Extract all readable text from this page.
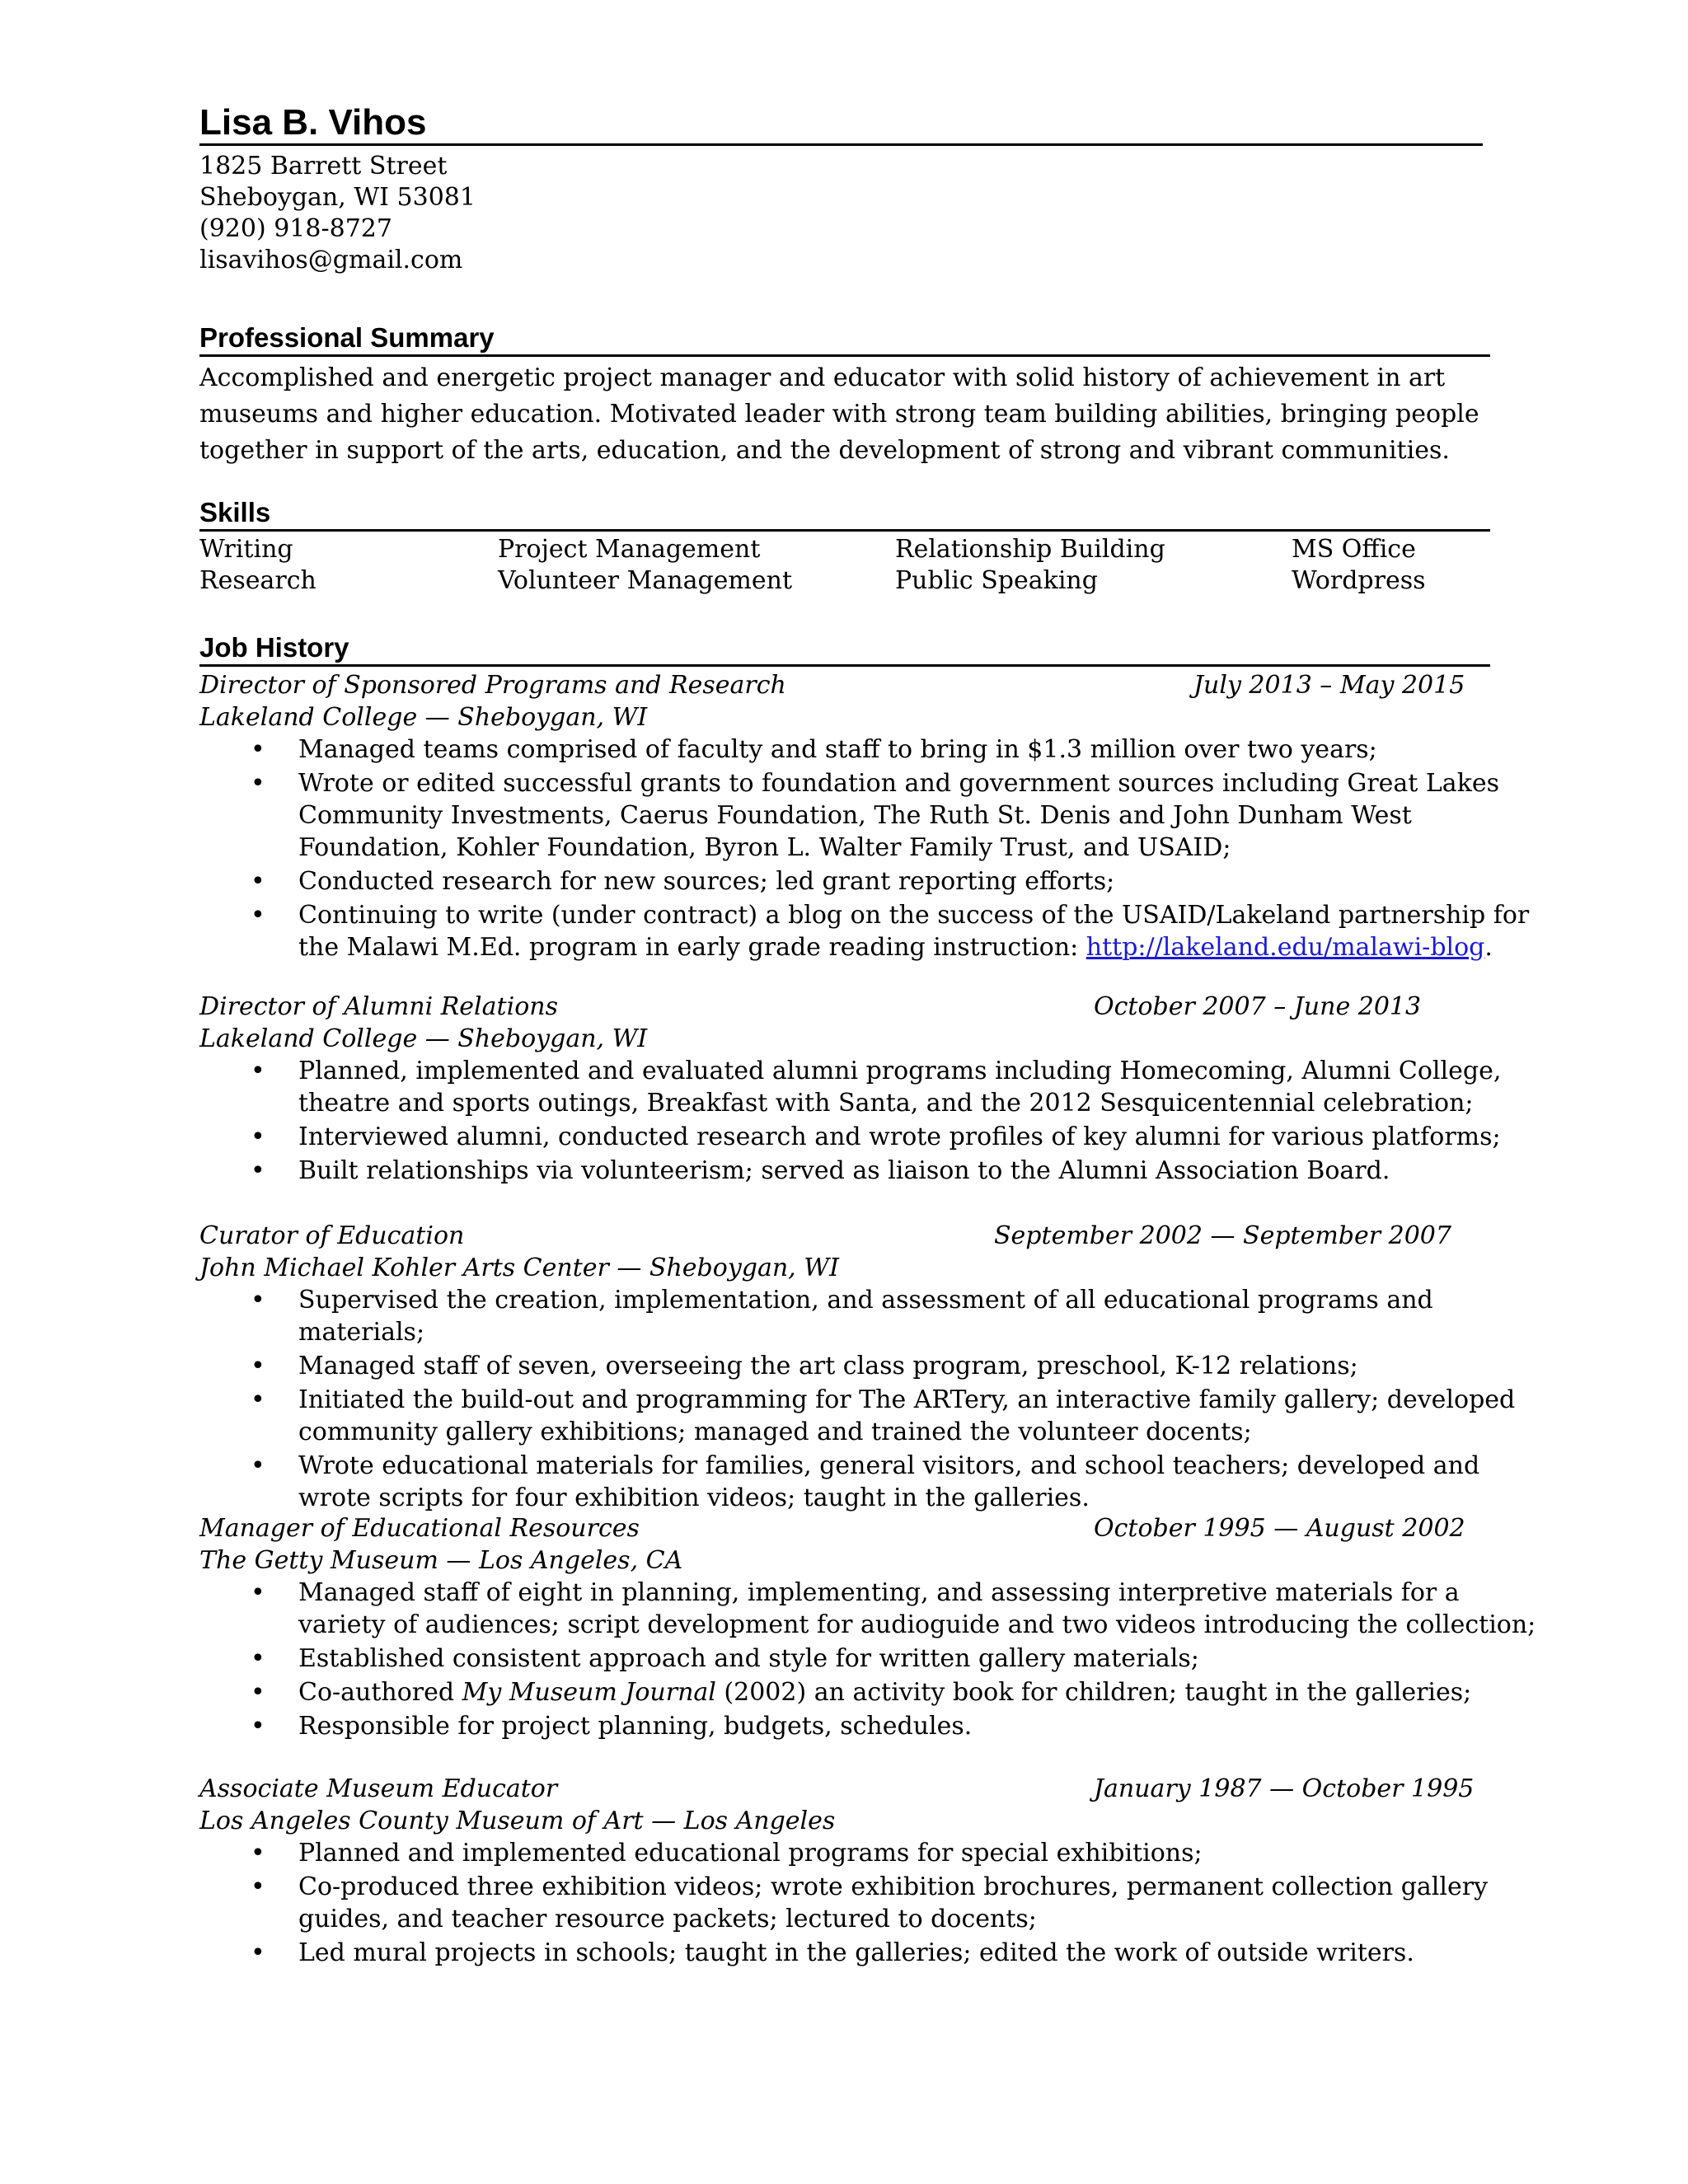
Lisa B. Vihos
1825 Barrett Street
Sheboygan, WI 53081
(920) 918-8727
lisavihos@gmail.com
Professional Summary
Accomplished and energetic project manager and educator with solid history of achievement in art museums and higher education. Motivated leader with strong team building abilities, bringing people together in support of the arts, education, and the development of strong and vibrant communities.
Skills
Writing	Project Management	Relationship Building	MS Office
Research	Volunteer Management	Public Speaking	Wordpress
Job History
Director of Sponsored Programs and Research	July 2013 – May 2015
Lakeland College — Sheboygan, WI
• Managed teams comprised of faculty and staff to bring in $1.3 million over two years;
• Wrote or edited successful grants to foundation and government sources including Great Lakes Community Investments, Caerus Foundation, The Ruth St. Denis and John Dunham West Foundation, Kohler Foundation, Byron L. Walter Family Trust, and USAID;
• Conducted research for new sources; led grant reporting efforts;
• Continuing to write (under contract) a blog on the success of the USAID/Lakeland partnership for the Malawi M.Ed. program in early grade reading instruction: http://lakeland.edu/malawi-blog.
Director of Alumni Relations	October 2007 – June 2013
Lakeland College — Sheboygan, WI
• Planned, implemented and evaluated alumni programs including Homecoming, Alumni College, theatre and sports outings, Breakfast with Santa, and the 2012 Sesquicentennial celebration;
• Interviewed alumni, conducted research and wrote profiles of key alumni for various platforms;
• Built relationships via volunteerism; served as liaison to the Alumni Association Board.
Curator of Education	September 2002 — September 2007
John Michael Kohler Arts Center — Sheboygan, WI
• Supervised the creation, implementation, and assessment of all educational programs and materials;
• Managed staff of seven, overseeing the art class program, preschool, K-12 relations;
• Initiated the build-out and programming for The ARTery, an interactive family gallery; developed community gallery exhibitions; managed and trained the volunteer docents;
• Wrote educational materials for families, general visitors, and school teachers; developed and wrote scripts for four exhibition videos; taught in the galleries.
Manager of Educational Resources	October 1995 — August 2002
The Getty Museum — Los Angeles, CA
• Managed staff of eight in planning, implementing, and assessing interpretive materials for a variety of audiences; script development for audioguide and two videos introducing the collection;
• Established consistent approach and style for written gallery materials;
• Co-authored My Museum Journal (2002) an activity book for children; taught in the galleries;
• Responsible for project planning, budgets, schedules.
Associate Museum Educator	January 1987 — October 1995
Los Angeles County Museum of Art — Los Angeles
• Planned and implemented educational programs for special exhibitions;
• Co-produced three exhibition videos; wrote exhibition brochures, permanent collection gallery guides, and teacher resource packets; lectured to docents;
• Led mural projects in schools; taught in the galleries; edited the work of outside writers.
